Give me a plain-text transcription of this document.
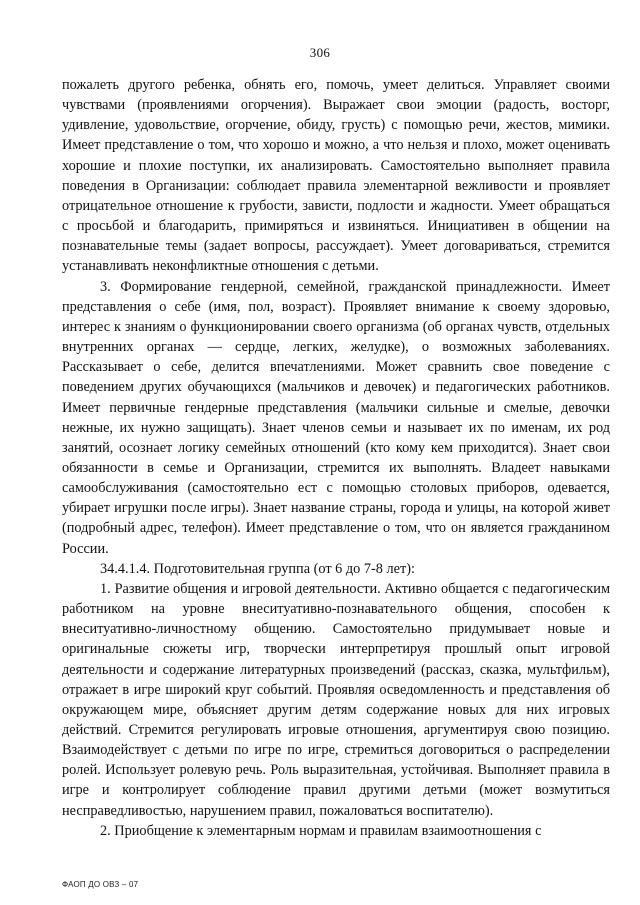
306

пожалеть другого ребенка, обнять его, помочь, умеет делиться. Управляет своими чувствами (проявлениями огорчения). Выражает свои эмоции (радость, восторг, удивление, удовольствие, огорчение, обиду, грусть) с помощью речи, жестов, мимики. Имеет представление о том, что хорошо и можно, а что нельзя и плохо, может оценивать хорошие и плохие поступки, их анализировать. Самостоятельно выполняет правила поведения в Организации: соблюдает правила элементарной вежливости и проявляет отрицательное отношение к грубости, зависти, подлости и жадности. Умеет обращаться с просьбой и благодарить, примиряться и извиняться. Инициативен в общении на познавательные темы (задает вопросы, рассуждает). Умеет договариваться, стремится устанавливать неконфликтные отношения с детьми.

3. Формирование гендерной, семейной, гражданской принадлежности. Имеет представления о себе (имя, пол, возраст). Проявляет внимание к своему здоровью, интерес к знаниям о функционировании своего организма (об органах чувств, отдельных внутренних органах — сердце, легких, желудке), о возможных заболеваниях. Рассказывает о себе, делится впечатлениями. Может сравнить свое поведение с поведением других обучающихся (мальчиков и девочек) и педагогических работников. Имеет первичные гендерные представления (мальчики сильные и смелые, девочки нежные, их нужно защищать). Знает членов семьи и называет их по именам, их род занятий, осознает логику семейных отношений (кто кому кем приходится). Знает свои обязанности в семье и Организации, стремится их выполнять. Владеет навыками самообслуживания (самостоятельно ест с помощью столовых приборов, одевается, убирает игрушки после игры). Знает название страны, города и улицы, на которой живет (подробный адрес, телефон). Имеет представление о том, что он является гражданином России.

34.4.1.4. Подготовительная группа (от 6 до 7-8 лет):

1. Развитие общения и игровой деятельности. Активно общается с педагогическим работником на уровне внеситуативно-познавательного общения, способен к внеситуативно-личностному общению. Самостоятельно придумывает новые и оригинальные сюжеты игр, творчески интерпретируя прошлый опыт игровой деятельности и содержание литературных произведений (рассказ, сказка, мультфильм), отражает в игре широкий круг событий. Проявляя осведомленность и представления об окружающем мире, объясняет другим детям содержание новых для них игровых действий. Стремится регулировать игровые отношения, аргументируя свою позицию. Взаимодействует с детьми по игре по игре, стремиться договориться о распределении ролей. Использует ролевую речь. Роль выразительная, устойчивая. Выполняет правила в игре и контролирует соблюдение правил другими детьми (может возмутиться несправедливостью, нарушением правил, пожаловаться воспитателю).

2. Приобщение к элементарным нормам и правилам взаимоотношения с

ФАОП ДО ОВЗ – 07
